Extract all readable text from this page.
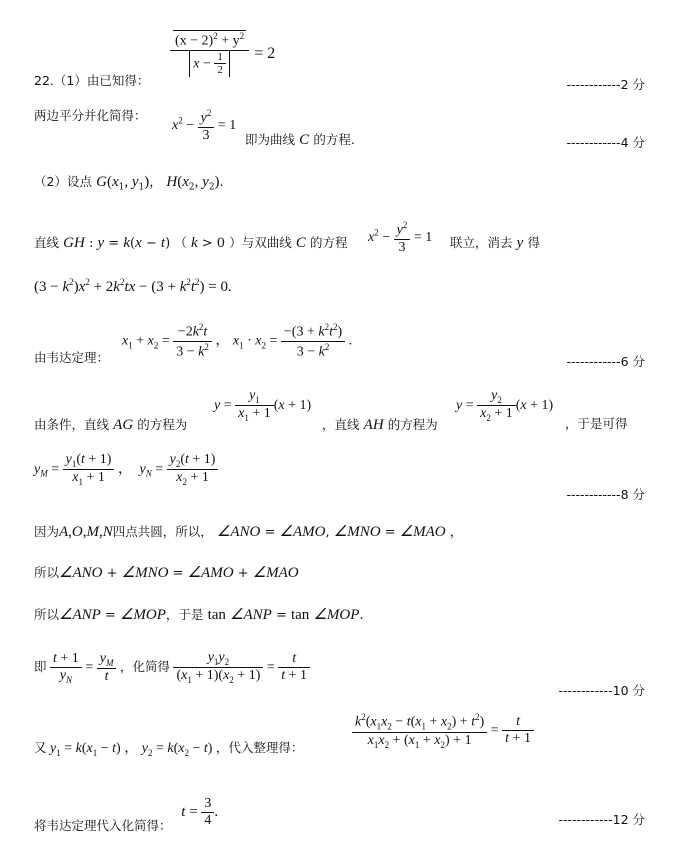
$\frac{(x - 2)^2 + y^2}{x - \frac{1}{2}} = 2$
22.（1）由已知得：	------------2 分
两边平分并化简得：
$x^2 - \frac{y^2}{3} = 1$
即为曲线 C 的方程.	------------4 分
（2）设点 $G(x_1$, $y_1$)， $H(x_2$, $y_2$).
直线 GH : y = k(x − t) （ k > 0 ）与双曲线 C 的方程 $x^2 - \frac{y^2}{3} = 1$ 联立，消去 y 得
$(3 - k^2)x^2 + 2k^2tx - (3 + k^2t^2) = 0$.
由韦达定理：
$x_1 + x_2 = \frac{-2k^2t}{3 - k^2}$ ， $x_1 \cdot x_2 = \frac{-(3 + k^2t^2)}{3 - k^2}$ .
------------6 分
由条件，直线 AG 的方程为
$y = \frac{y_1}{x_1 + 1} (x + 1)$
，直线 AH 的方程为
$y = \frac{y_2}{x_2 + 1} (x + 1)$
，于是可得
$y_M = \frac{y_1(t + 1)}{x_1 + 1}$ ， $y_N = \frac{y_2(t + 1)}{x_2 + 1}$
------------8 分
因为A,O,M,N四点共圆，所以， ∠ANO = ∠AMO, ∠MNO = ∠MAO ，
所以∠ANO + ∠MNO = ∠AMO + ∠MAO
所以∠ANP = ∠MOP，于是 tan ∠ANP = tan ∠MOP.
即 $\frac{t + 1}{y_N} = \frac{y_M}{t}$ ，化简得 $\frac{y_1y_2}{(x_1 + 1)(x_2 + 1)} = \frac{t}{t + 1}$
------------10 分
又 $y_1 = k(x_1 - t)$ ， $y_2 = k(x_2 - t)$ ，代入整理得：	$\frac{k^2(x_1x_2 - t(x_1 + x_2) + t^2)}{x_1x_2 + (x_1 + x_2) + 1} = \frac{t}{t + 1}$
将韦达定理代入化简得： $t = \frac{3}{4}$ .	------------12 分
